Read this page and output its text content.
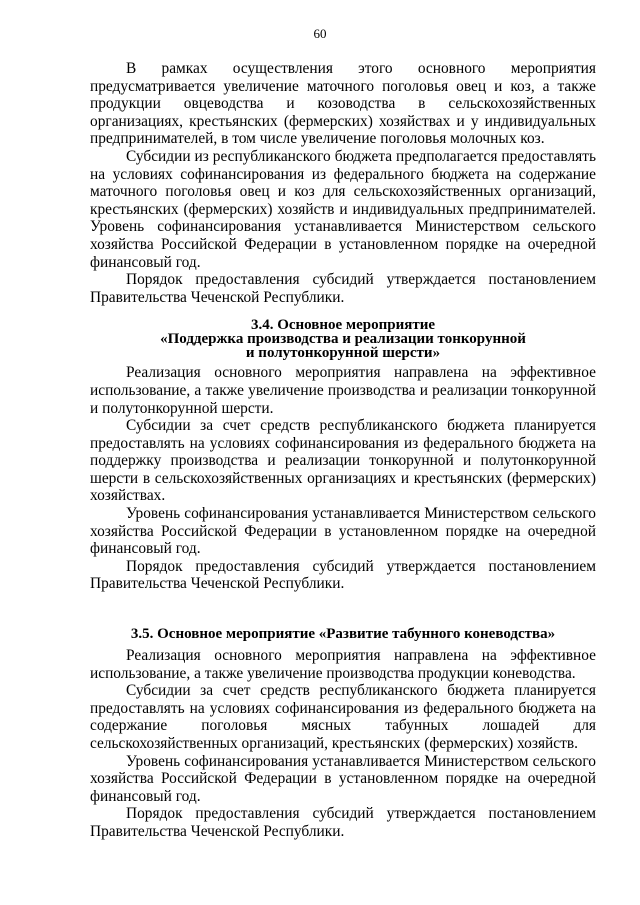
60

В рамках осуществления этого основного мероприятия предусматривается увеличение маточного поголовья овец и коз, а также продукции овцеводства и козоводства в сельскохозяйственных организациях, крестьянских (фермерских) хозяйствах и у индивидуальных предпринимателей, в том числе увеличение поголовья молочных коз.

Субсидии из республиканского бюджета предполагается предоставлять на условиях софинансирования из федерального бюджета на содержание маточного поголовья овец и коз для сельскохозяйственных организаций, крестьянских (фермерских) хозяйств и индивидуальных предпринимателей. Уровень софинансирования устанавливается Министерством сельского хозяйства Российской Федерации в установленном порядке на очередной финансовый год.

Порядок предоставления субсидий утверждается постановлением Правительства Чеченской Республики.

3.4. Основное мероприятие

«Поддержка производства и реализации тонкорунной

и полутонкорунной шерсти»

Реализация основного мероприятия направлена на эффективное использование, а также увеличение производства и реализации тонкорунной и полутонкорунной шерсти.

Субсидии за счет средств республиканского бюджета планируется предоставлять на условиях софинансирования из федерального бюджета на поддержку производства и реализации тонкорунной и полутонкорунной шерсти в сельскохозяйственных организациях и крестьянских (фермерских) хозяйствах.

Уровень софинансирования устанавливается Министерством сельского хозяйства Российской Федерации в установленном порядке на очередной финансовый год.

Порядок предоставления субсидий утверждается постановлением Правительства Чеченской Республики.

3.5. Основное мероприятие «Развитие табунного коневодства»

Реализация основного мероприятия направлена на эффективное использование, а также увеличение производства продукции коневодства.

Субсидии за счет средств республиканского бюджета планируется предоставлять на условиях софинансирования из федерального бюджета на содержание поголовья мясных табунных лошадей для сельскохозяйственных организаций, крестьянских (фермерских) хозяйств.

Уровень софинансирования устанавливается Министерством сельского хозяйства Российской Федерации в установленном порядке на очередной финансовый год.

Порядок предоставления субсидий утверждается постановлением Правительства Чеченской Республики.
